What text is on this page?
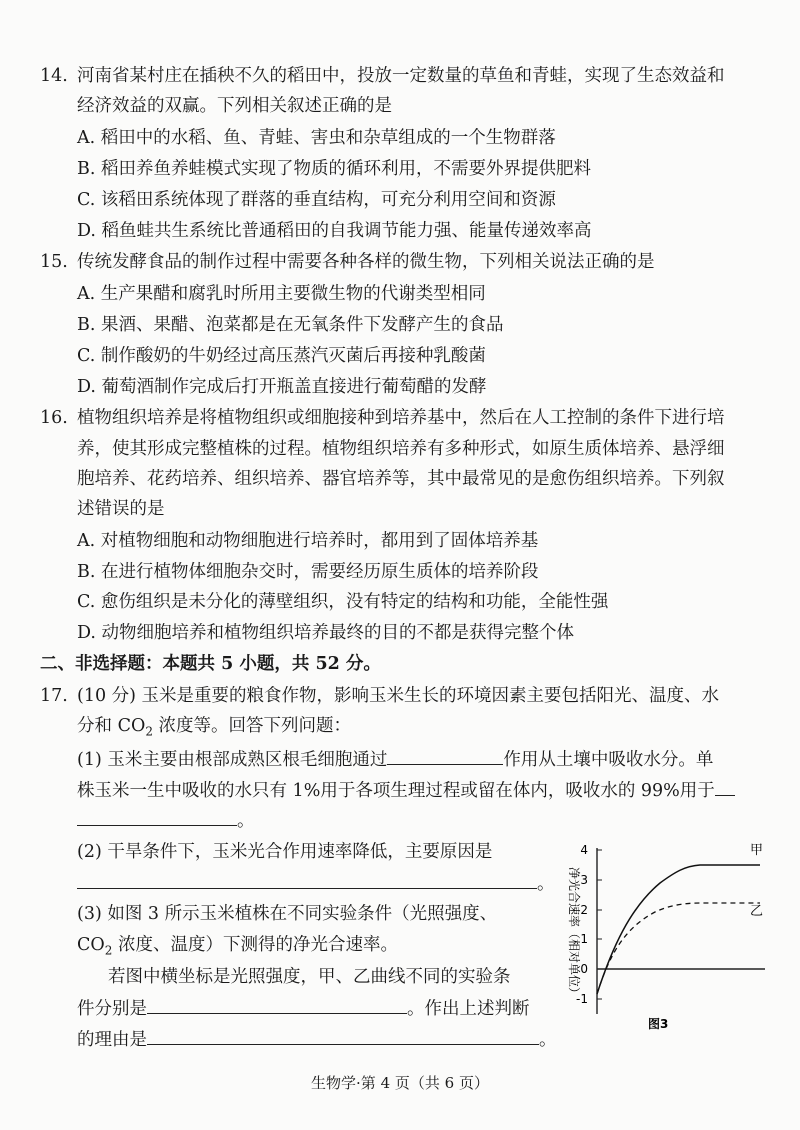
14. 河南省某村庄在插秧不久的稻田中，投放一定数量的草鱼和青蛙，实现了生态效益和
经济效益的双赢。下列相关叙述正确的是
A. 稻田中的水稻、鱼、青蛙、害虫和杂草组成的一个生物群落
B. 稻田养鱼养蛙模式实现了物质的循环利用，不需要外界提供肥料
C. 该稻田系统体现了群落的垂直结构，可充分利用空间和资源
D. 稻鱼蛙共生系统比普通稻田的自我调节能力强、能量传递效率高
15. 传统发酵食品的制作过程中需要各种各样的微生物，下列相关说法正确的是
A. 生产果醋和腐乳时所用主要微生物的代谢类型相同
B. 果酒、果醋、泡菜都是在无氧条件下发酵产生的食品
C. 制作酸奶的牛奶经过高压蒸汽灭菌后再接种乳酸菌
D. 葡萄酒制作完成后打开瓶盖直接进行葡萄醋的发酵
16. 植物组织培养是将植物组织或细胞接种到培养基中，然后在人工控制的条件下进行培
养，使其形成完整植株的过程。植物组织培养有多种形式，如原生质体培养、悬浮细
胞培养、花药培养、组织培养、器官培养等，其中最常见的是愈伤组织培养。下列叙
述错误的是
A. 对植物细胞和动物细胞进行培养时，都用到了固体培养基
B. 在进行植物体细胞杂交时，需要经历原生质体的培养阶段
C. 愈伤组织是未分化的薄壁组织，没有特定的结构和功能，全能性强
D. 动物细胞培养和植物组织培养最终的目的不都是获得完整个体
二、非选择题：本题共 5 小题，共 52 分。
17. (10 分) 玉米是重要的粮食作物，影响玉米生长的环境因素主要包括阳光、温度、水
分和 $CO_2$ 浓度等。回答下列问题：
(1) 玉米主要由根部成熟区根毛细胞通过	作用从土壤中吸收水分。单
株玉米一生中吸收的水只有 1%用于各项生理过程或留在体内，吸收水的 99%用于
。
(2) 干旱条件下，玉米光合作用速率降低，主要原因是
。
(3) 如图 3 所示玉米植株在不同实验条件（光照强度、
$CO_2$ 浓度、温度）下测得的净光合速率。
若图中横坐标是光照强度，甲、乙曲线不同的实验条
件分别是	。作出上述判断
的理由是	。
净光合速率（相对单位）
4
3
2
1
0
-1
甲
乙
图3
生物学·第 4 页（共 6 页）
